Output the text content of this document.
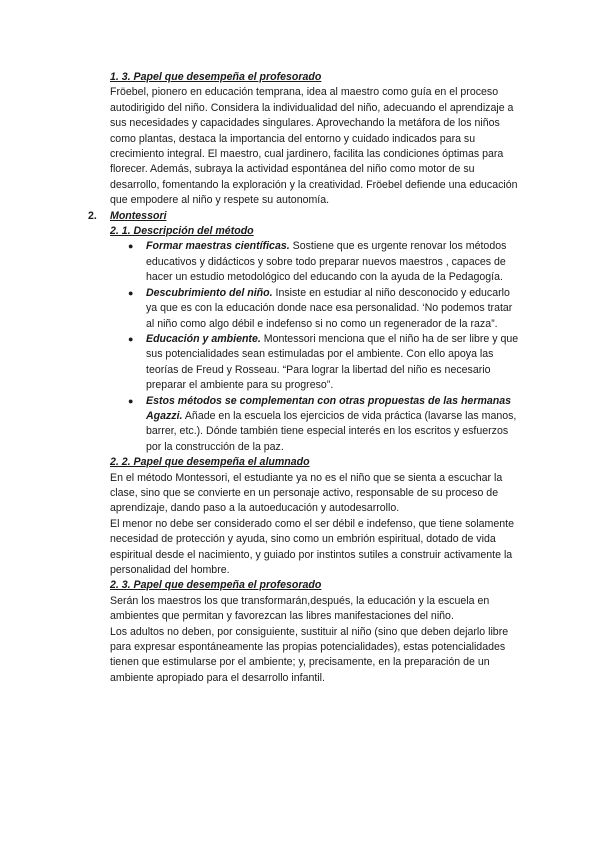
1. 3. Papel que desempeña el profesorado

Fröebel, pionero en educación temprana, idea al maestro como guía en el proceso autodirigido del niño. Considera la individualidad del niño, adecuando el aprendizaje a sus necesidades y capacidades singulares. Aprovechando la metáfora de los niños como plantas, destaca la importancia del entorno y cuidado indicados para su crecimiento integral. El maestro, cual jardinero, facilita las condiciones óptimas para florecer. Además, subraya la actividad espontánea del niño como motor de su desarrollo, fomentando la exploración y la creatividad. Fröebel defiende una educación que empodere al niño y respete su autonomía.

2. Montessori
2. 1. Descripción del método
● Formar maestras científicas. Sostiene que es urgente renovar los métodos educativos y didácticos y sobre todo preparar nuevos maestros , capaces de hacer un estudio metodológico del educando con la ayuda de la Pedagogía.
● Descubrimiento del niño. Insiste en estudiar al niño desconocido y educarlo ya que es con la educación donde nace esa personalidad. ‘No podemos tratar al niño como algo débil e indefenso si no como un regenerador de la raza”.
● Educación y ambiente. Montessori menciona que el niño ha de ser libre y que sus potencialidades sean estimuladas por el ambiente. Con ello apoya las teorías de Freud y Rosseau. “Para lograr la libertad del niño es necesario preparar el ambiente para su progreso”.
● Estos métodos se complementan con otras propuestas de las hermanas Agazzi. Añade en la escuela los ejercicios de vida práctica (lavarse las manos, barrer, etc.). Dónde también tiene especial interés en los escritos y esfuerzos por la construcción de la paz.
2. 2. Papel que desempeña el alumnado

En el método Montessori, el estudiante ya no es el niño que se sienta a escuchar la clase, sino que se convierte en un personaje activo, responsable de su proceso de aprendizaje, dando paso a la autoeducación y autodesarrollo.

El menor no debe ser considerado como el ser débil e indefenso, que tiene solamente necesidad de protección y ayuda, sino como un embrión espiritual, dotado de vida espiritual desde el nacimiento, y guiado por instintos sutiles a construir activamente la personalidad del hombre.

2. 3. Papel que desempeña el profesorado

Serán los maestros los que transformarán,después, la educación y la escuela en ambientes que permitan y favorezcan las libres manifestaciones del niño.

Los adultos no deben, por consiguiente, sustituir al niño (sino que deben dejarlo libre para expresar espontáneamente las propias potencialidades), estas potencialidades tienen que estimularse por el ambiente; y, precisamente, en la preparación de un ambiente apropiado para el desarrollo infantil.
